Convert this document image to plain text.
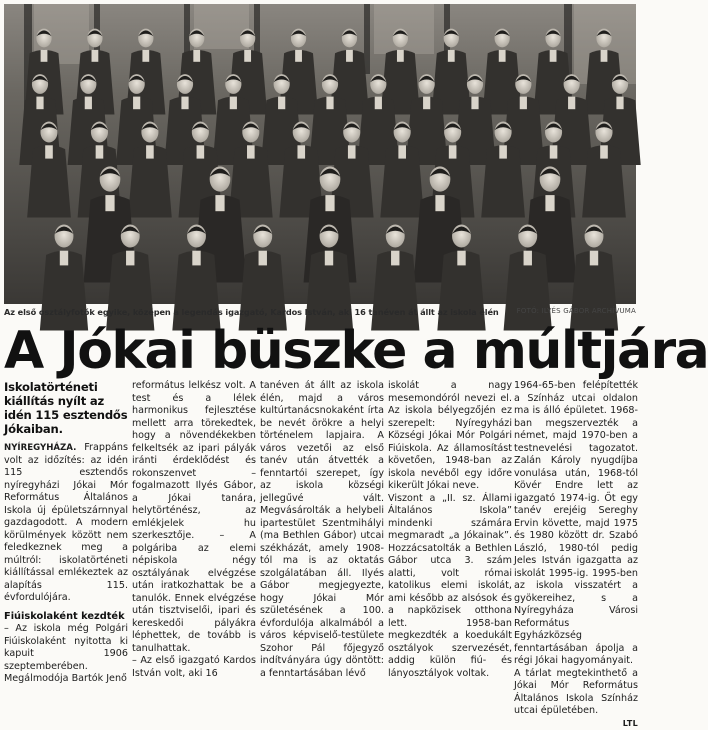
Az első osztályfotók egyike, középen a legendás igazgató, Kardos István, aki 16 tanéven át állt az iskola élén	FOTÓ: ILYÉS GÁBOR ARCHÍVUMA
A Jókai büszke a múltjára
Iskolatörténeti kiállítás nyílt az idén 115 esztendős Jókaiban.

NYÍREGYHÁZA. Frappáns volt az időzítés: az idén 115 esztendős nyíregyházi Jókai Mór Református Általános Iskola új épületszárnnyal gazdagodott. A modern körülmények között nem feledkeznek meg a múltról: iskolatörténeti kiállítással emlékeztek az alapítás 115. évfordulójára.

Fiúiskolaként kezdték

– Az iskola még Polgári Fiúiskolaként nyitotta ki kapuit 1906 szeptemberében. Megálmodója Bartók Jenő

református lelkész volt. A test és a lélek harmonikus fejlesztése mellett arra törekedtek, hogy a növendékekben felkeltsék az ipari pályák iránti érdeklődést és rokonszenvet – fogalmazott Ilyés Gábor, a Jókai tanára, helytörténész, az emlékjelek hu szerkesztője. – A polgáriba az elemi népiskola négy osztályának elvégzése után iratkozhattak be a tanulók. Ennek elvégzése után tisztviselői, ipari és kereskedői pályákra léphettek, de tovább is tanulhattak.

– Az első igazgató Kardos István volt, aki 16

tanéven át állt az iskola élén, majd a város kultúrtanácsnokaként írta be nevét örökre a helyi történelem lapjaira. A város vezetői az első tanév után átvették a fenntartói szerepet, így az iskola községi jellegűvé vált. Megvásárolták a helybeli ipartestület Szentmihályi (ma Bethlen Gábor) utcai székházát, amely 1908-tól ma is az oktatás szolgálatában áll. Ilyés Gábor megjegyezte, hogy Jókai Mór születésének a 100. évfordulója alkalmából a város képviselő-testülete Szohor Pál főjegyző indítványára úgy döntött: a fenntartásában lévő

iskolát a nagy mesemondóról nevezi el. Az iskola bélyegzőjén ez szerepelt: Nyíregyházi Községi Jókai Mór Polgári Fiúiskola. Az államosítást követően, 1948-ban az iskola nevéből egy időre kikerült Jókai neve.

Viszont a „II. sz. Állami Általános Iskola” mindenki számára megmaradt „a Jókainak”. Hozzácsatolták a Bethlen Gábor utca 3. szám alatti, volt római katolikus elemi iskolát, ami később az alsósok és a napközisek otthona lett. 1958-ban megkezdték a koedukált osztályok szervezését, addig külön fiú- és lányosztályok voltak.

1964-65-ben felépítették a Színház utcai oldalon ma is álló épületet. 1968-ban megszervezték a német, majd 1970-ben a testnevelési tagozatot. Zalán Károly nyugdíjba vonulása után, 1968-tól Kövér Endre lett az igazgató 1974-ig. Őt egy tanév erejéig Sereghy Ervin követte, majd 1975 és 1980 között dr. Szabó László, 1980-tól pedig Jeles István igazgatta az iskolát 1995-ig. 1995-ben az iskola visszatért a gyökereihez, s a Nyíregyháza Városi Református Egyházközség fenntartásában ápolja a régi Jókai hagyományait.

A tárlat megtekinthető a Jókai Mór Református Általános Iskola Színház utcai épületében.

LTL
